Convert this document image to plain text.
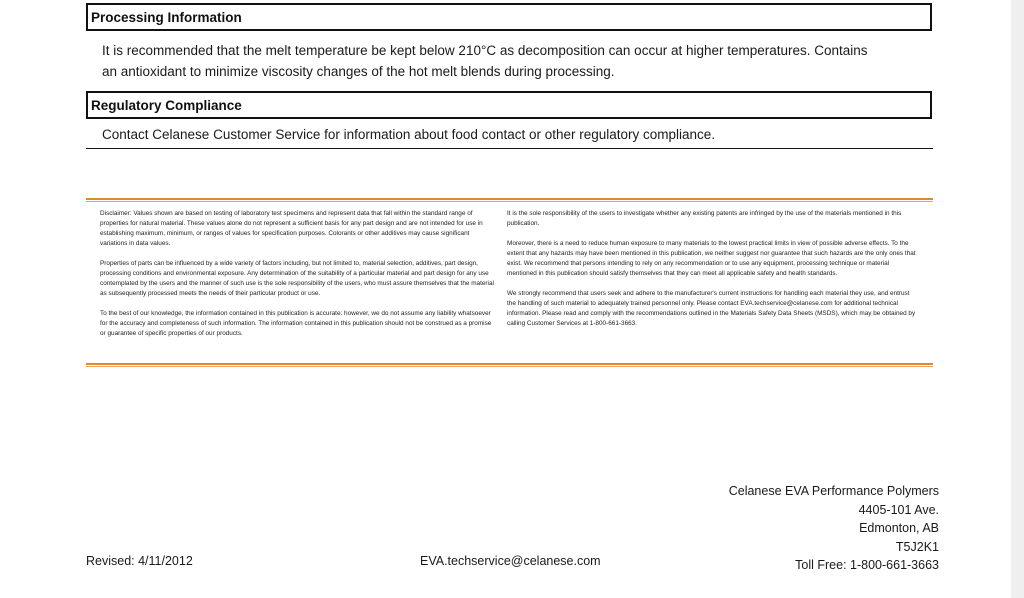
Processing Information
It is recommended that the melt temperature be kept below 210°C as decomposition can occur at higher temperatures. Contains
an antioxidant to minimize viscosity changes of the hot melt blends during processing.
Regulatory Compliance
Contact Celanese Customer Service for information about food contact or other regulatory compliance.

Disclaimer: Values shown are based on testing of laboratory test specimens and represent data that fall within the standard range of properties for natural material. These values alone do not represent a sufficient basis for any part design and are not intended for use in establishing maximum, minimum, or ranges of values for specification purposes. Colorants or other additives may cause significant variations in data values.

Properties of parts can be influenced by a wide variety of factors including, but not limited to, material selection, additives, part design, processing conditions and environmental exposure. Any determination of the suitability of a particular material and part design for any use contemplated by the users and the manner of such use is the sole responsibility of the users, who must assure themselves that the material as subsequently processed meets the needs of their particular product or use.

To the best of our knowledge, the information contained in this publication is accurate: however, we do not assume any liability whatsoever for the accuracy and completeness of such information. The information contained in this publication should not be construed as a promise or guarantee of specific properties of our products.

It is the sole responsibility of the users to investigate whether any existing patents are infringed by the use of the materials mentioned in this publication.

Moreover, there is a need to reduce human exposure to many materials to the lowest practical limits in view of possible adverse effects. To the extent that any hazards may have been mentioned in this publication, we neither suggest nor guarantee that such hazards are the only ones that exist. We recommend that persons intending to rely on any recommendation or to use any equipment, processing technique or material mentioned in this publication should satisfy themselves that they can meet all applicable safety and health standards.

We strongly recommend that users seek and adhere to the manufacturer's current instructions for handling each material they use, and entrust the handling of such material to adequately trained personnel only. Please contact EVA.techservice@celanese.com for additional technical information. Please read and comply with the recommendations outlined in the Materials Safety Data Sheets (MSDS), which may be obtained by calling Customer Services at 1-800-661-3663.

Celanese EVA Performance Polymers
4405-101 Ave.
Edmonton, AB
T5J2K1
Toll Free: 1-800-661-3663
Revised: 4/11/2012	EVA.techservice@celanese.com
